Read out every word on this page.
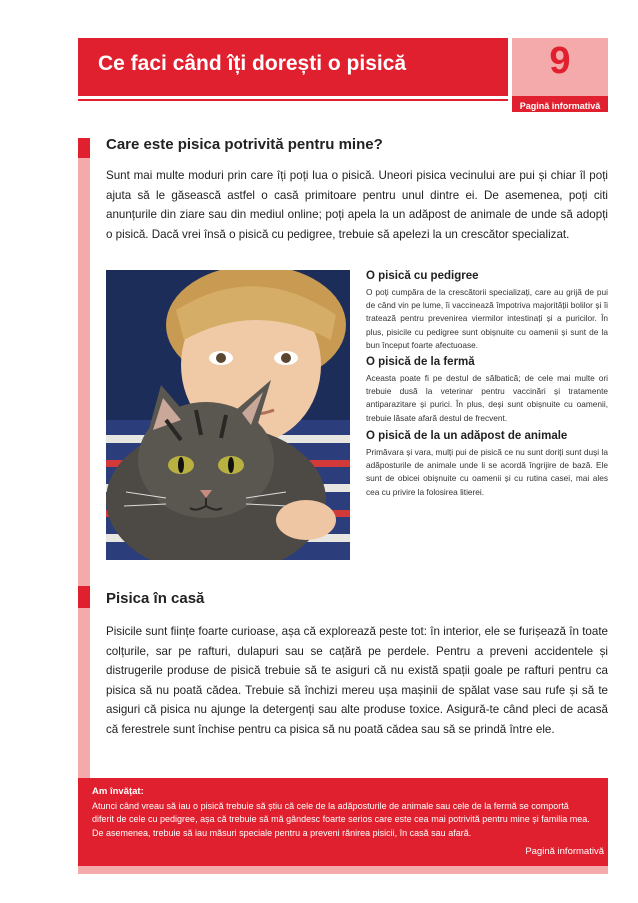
Ce faci când îți dorești o pisică	9
Pagină informativă
Care este pisica potrivită pentru mine?
Sunt mai multe moduri prin care îți poți lua o pisică. Uneori pisica vecinului are pui și chiar îl poți ajuta să le găsească astfel o casă primitoare pentru unul dintre ei. De asemenea, poți citi anunțurile din ziare sau din mediul online; poți apela la un adăpost de animale de unde să adopți o pisică. Dacă vrei însă o pisică cu pedigree, trebuie să apelezi la un crescător specializat.
O pisică cu pedigree
O poți cumpăra de la crescătorii specializați, care au grijă de pui de când vin pe lume, îi vaccinează împotriva majorității bolilor și îi tratează pentru prevenirea viermilor intestinați și a puricilor. În plus, pisicile cu pedigree sunt obișnuite cu oamenii și sunt de la bun început foarte afectuoase.
O pisică de la fermă
Aceasta poate fi pe destul de sălbatică; de cele mai multe ori trebuie dusă la veterinar pentru vaccinări și tratamente antiparazitare și purici. În plus, deși sunt obișnuite cu oamenii, trebuie lăsate afară destul de frecvent.
O pisică de la un adăpost de animale
Primăvara și vara, mulți pui de pisică ce nu sunt doriți sunt duși la adăposturile de animale unde li se acordă îngrijire de bază. Ele sunt de obicei obișnuite cu oamenii și cu rutina casei, mai ales cea cu privire la folosirea litierei.
Pisica în casă
Pisicile sunt ființe foarte curioase, așa că explorează peste tot: în interior, ele se furișează în toate colțurile, sar pe rafturi, dulapuri sau se cațără pe perdele. Pentru a preveni accidentele și distrugerile produse de pisică trebuie să te asiguri că nu există spații goale pe rafturi pentru ca pisica să nu poată cădea. Trebuie să închizi mereu ușa mașinii de spălat vase sau rufe și să te asiguri că pisica nu ajunge la detergenți sau alte produse toxice. Asigură-te când pleci de acasă că ferestrele sunt închise pentru ca pisica să nu poată cădea sau să se prindă între ele.
Am învățat:
Atunci când vreau să iau o pisică trebuie să știu că cele de la adăposturile de animale sau cele de la fermă se comportă diferit de cele cu pedigree, așa că trebuie să mă gândesc foarte serios care este cea mai potrivită pentru mine și familia mea. De asemenea, trebuie să iau măsuri speciale pentru a preveni rănirea pisicii, în casă sau afară.
Pagină informativă
